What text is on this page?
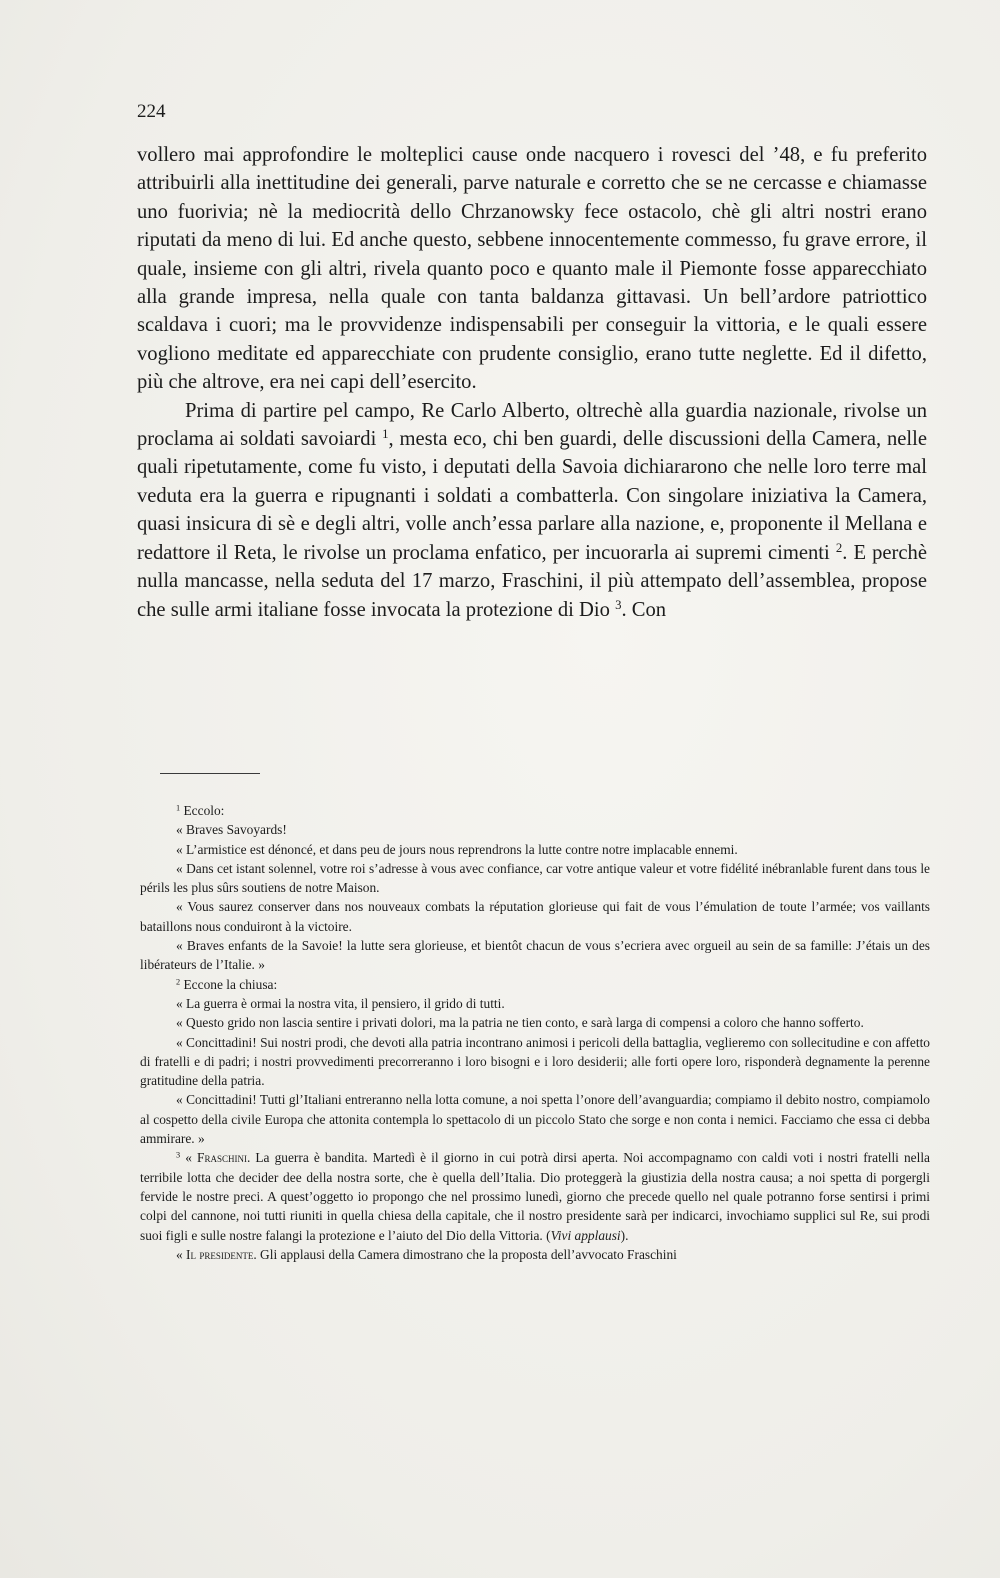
224

vollero mai approfondire le molteplici cause onde nacquero i rovesci del ’48, e fu preferito attribuirli alla inettitudine dei generali, parve naturale e corretto che se ne cercasse e chiamasse uno fuorivia; nè la mediocrità dello Chrzanowsky fece ostacolo, chè gli altri nostri erano riputati da meno di lui. Ed anche questo, sebbene innocentemente commesso, fu grave errore, il quale, insieme con gli altri, rivela quanto poco e quanto male il Piemonte fosse apparecchiato alla grande impresa, nella quale con tanta baldanza gittavasi. Un bell’ardore patriottico scaldava i cuori; ma le provvidenze indispensabili per conseguir la vittoria, e le quali essere vogliono meditate ed apparecchiate con prudente consiglio, erano tutte neglette. Ed il difetto, più che altrove, era nei capi dell’esercito.

Prima di partire pel campo, Re Carlo Alberto, oltrechè alla guardia nazionale, rivolse un proclama ai soldati savoiardi $^1$, mesta eco, chi ben guardi, delle discussioni della Camera, nelle quali ripetutamente, come fu visto, i deputati della Savoia dichiararono che nelle loro terre mal veduta era la guerra e ripugnanti i soldati a combatterla. Con singolare iniziativa la Camera, quasi insicura di sè e degli altri, volle anch’essa parlare alla nazione, e, proponente il Mellana e redattore il Reta, le rivolse un proclama enfatico, per incuorarla ai supremi cimenti $^2$. E perchè nulla mancasse, nella seduta del 17 marzo, Fraschini, il più attempato dell’assemblea, propose che sulle armi italiane fosse invocata la protezione di Dio $^3$. Con

$^1$ Eccolo:

« Braves Savoyards!

« L’armistice est dénoncé, et dans peu de jours nous reprendrons la lutte contre notre implacable ennemi.

« Dans cet istant solennel, votre roi s’adresse à vous avec confiance, car votre antique valeur et votre fidélité inébranlable furent dans tous le périls les plus sûrs soutiens de notre Maison.

« Vous saurez conserver dans nos nouveaux combats la réputation glorieuse qui fait de vous l’émulation de toute l’armée; vos vaillants bataillons nous conduiront à la victoire.

« Braves enfants de la Savoie! la lutte sera glorieuse, et bientôt chacun de vous s’ecriera avec orgueil au sein de sa famille: J’étais un des libérateurs de l’Italie. »

$^2$ Eccone la chiusa:

« La guerra è ormai la nostra vita, il pensiero, il grido di tutti.

« Questo grido non lascia sentire i privati dolori, ma la patria ne tien conto, e sarà larga di compensi a coloro che hanno sofferto.

« Concittadini! Sui nostri prodi, che devoti alla patria incontrano animosi i pericoli della battaglia, veglieremo con sollecitudine e con affetto di fratelli e di padri; i nostri provvedimenti precorreranno i loro bisogni e i loro desiderii; alle forti opere loro, risponderà degnamente la perenne gratitudine della patria.

« Concittadini! Tutti gl’Italiani entreranno nella lotta comune, a noi spetta l’onore dell’avanguardia; compiamo il debito nostro, compiamolo al cospetto della civile Europa che attonita contempla lo spettacolo di un piccolo Stato che sorge e non conta i nemici. Facciamo che essa ci debba ammirare. »

$^3$ « Fraschini. La guerra è bandita. Martedì è il giorno in cui potrà dirsi aperta. Noi accompagnamo con caldi voti i nostri fratelli nella terribile lotta che decider dee della nostra sorte, che è quella dell’Italia. Dio proteggerà la giustizia della nostra causa; a noi spetta di porgergli fervide le nostre preci. A quest’oggetto io propongo che nel prossimo lunedì, giorno che precede quello nel quale potranno forse sentirsi i primi colpi del cannone, noi tutti riuniti in quella chiesa della capitale, che il nostro presidente sarà per indicarci, invochiamo supplici sul Re, sui prodi suoi figli e sulle nostre falangi la protezione e l’aiuto del Dio della Vittoria. (Vivi applausi).

« Il presidente. Gli applausi della Camera dimostrano che la proposta dell’avvocato Fraschini
